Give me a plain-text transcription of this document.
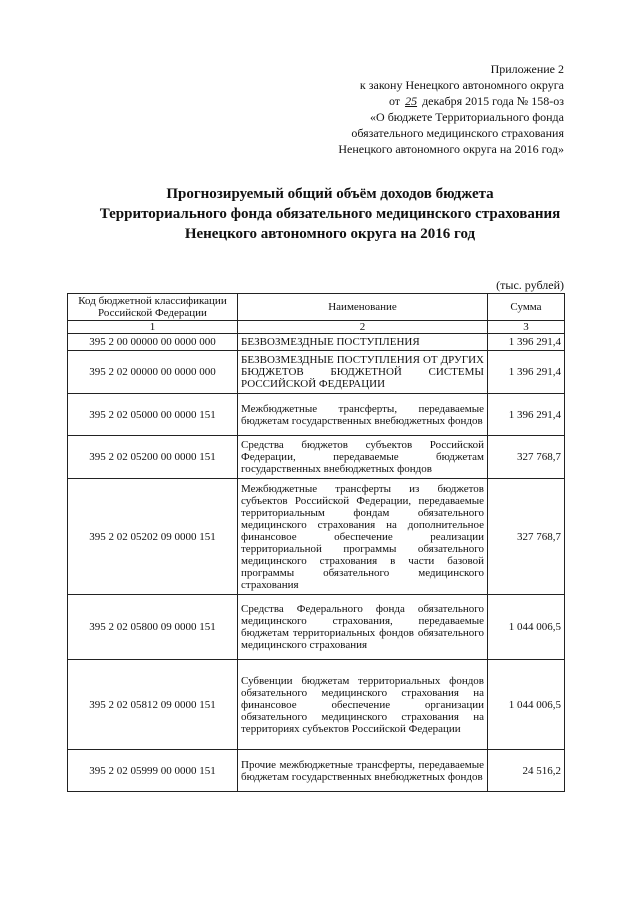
Приложение 2
к закону Ненецкого автономного округа
от 25 декабря 2015 года № 158-оз
«О бюджете Территориального фонда
обязательного медицинского страхования
Ненецкого автономного округа на 2016 год»
Прогнозируемый общий объём доходов бюджета
Территориального фонда обязательного медицинского страхования
Ненецкого автономного округа на 2016 год
(тыс. рублей)
Код бюджетной классификации Российской Федерации	Наименование	Сумма
1	2	3
395 2 00 00000 00 0000 000	БЕЗВОЗМЕЗДНЫЕ ПОСТУПЛЕНИЯ	1 396 291,4
395 2 02 00000 00 0000 000	БЕЗВОЗМЕЗДНЫЕ ПОСТУПЛЕНИЯ ОТ ДРУГИХ БЮДЖЕТОВ БЮДЖЕТНОЙ СИСТЕМЫ РОССИЙСКОЙ ФЕДЕРАЦИИ	1 396 291,4
395 2 02 05000 00 0000 151	Межбюджетные трансферты, передаваемые бюджетам государственных внебюджетных фондов	1 396 291,4
395 2 02 05200 00 0000 151	Средства бюджетов субъектов Российской Федерации, передаваемые бюджетам государственных внебюджетных фондов	327 768,7
395 2 02 05202 09 0000 151	Межбюджетные трансферты из бюджетов субъектов Российской Федерации, передаваемые территориальным фондам обязательного медицинского страхования на дополнительное финансовое обеспечение реализации территориальной программы обязательного медицинского страхования в части базовой программы обязательного медицинского страхования	327 768,7
395 2 02 05800 09 0000 151	Средства Федерального фонда обязательного медицинского страхования, передаваемые бюджетам территориальных фондов обязательного медицинского страхования	1 044 006,5
395 2 02 05812 09 0000 151	Субвенции бюджетам территориальных фондов обязательного медицинского страхования на финансовое обеспечение организации обязательного медицинского страхования на территориях субъектов Российской Федерации	1 044 006,5
395 2 02 05999 00 0000 151	Прочие межбюджетные трансферты, передаваемые бюджетам государственных внебюджетных фондов	24 516,2
